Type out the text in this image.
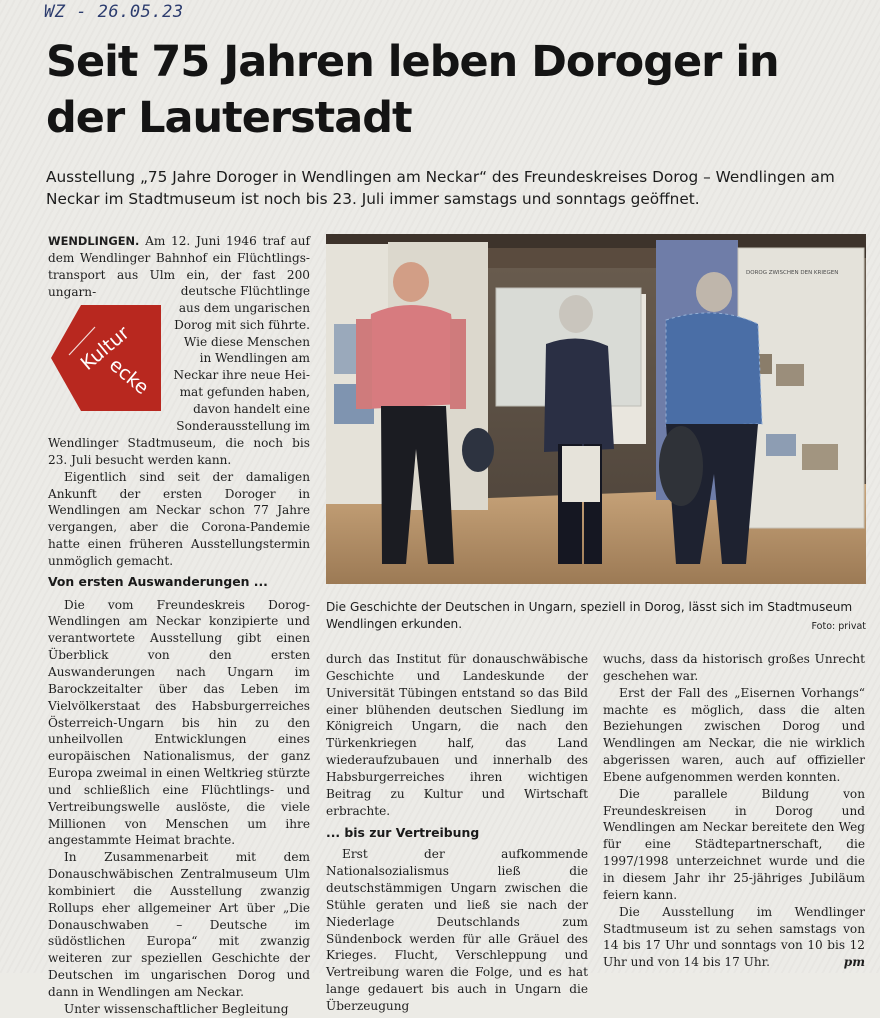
WZ - 26.05.23
Seit 75 Jahren leben Doroger in
der Lauterstadt
Ausstellung „75 Jahre Doroger in Wendlingen am Neckar“ des Freundeskreises Dorog – Wendlingen am Neckar im Stadtmuseum ist noch bis 23. Juli immer samstags und sonntags geöffnet.
Kultur
ecke

WENDLINGEN. Am 12. Juni 1946 traf auf dem Wendlinger Bahnhof ein Flüchtlings-transport aus Ulm ein, der fast 200 ungarn-	deutsche Flüchtlinge
aus dem ungarischen
Dorog mit sich führte.
Wie diese Menschen
in Wendlingen am
Neckar ihre neue Hei-
mat gefunden haben,
davon handelt eine
Sonderausstellung im

Wendlinger Stadtmuseum, die noch bis 23. Juli besucht werden kann.

Eigentlich sind seit der damaligen Ankunft der ersten Doroger in Wendlingen am Neckar schon 77 Jahre vergangen, aber die Corona-Pandemie hatte einen früheren Ausstellungstermin unmöglich gemacht.

Von ersten Auswanderungen ...

Die vom Freundeskreis Dorog-Wendlingen am Neckar konzipierte und verantwortete Ausstellung gibt einen Überblick von den ersten Auswanderungen nach Ungarn im Barockzeitalter über das Leben im Vielvölkerstaat des Habsburgerreiches Österreich-Ungarn bis hin zu den unheilvollen Entwicklungen eines europäischen Nationalismus, der ganz Europa zweimal in einen Weltkrieg stürzte und schließlich eine Flüchtlings- und Vertreibungswelle auslöste, die viele Millionen von Menschen um ihre angestammte Heimat brachte.

In Zusammenarbeit mit dem Donauschwäbischen Zentralmuseum Ulm kombiniert die Ausstellung zwanzig Rollups eher allgemeiner Art über „Die Donauschwaben – Deutsche im südöstlichen Europa“ mit zwanzig weiteren zur speziellen Geschichte der Deutschen im ungarischen Dorog und dann in Wendlingen am Neckar.

Unter wissenschaftlicher Begleitung

DOROG ZWISCHEN DEN KRIEGEN
Die Geschichte der Deutschen in Ungarn, speziell in Dorog, lässt sich im Stadtmuseum Wendlingen erkunden.	Foto: privat

durch das Institut für donauschwäbische Geschichte und Landeskunde der Universität Tübingen entstand so das Bild einer blühenden deutschen Siedlung im Königreich Ungarn, die nach den Türkenkriegen half, das Land wiederaufzubauen und innerhalb des Habsburgerreiches ihren wichtigen Beitrag zu Kultur und Wirtschaft erbrachte.

... bis zur Vertreibung

Erst der aufkommende Nationalsozialismus ließ die deutschstämmigen Ungarn zwischen die Stühle geraten und ließ sie nach der Niederlage Deutschlands zum Sündenbock werden für alle Gräuel des Krieges. Flucht, Verschleppung und Vertreibung waren die Folge, und es hat lange gedauert bis auch in Ungarn die Überzeugung

wuchs, dass da historisch großes Unrecht geschehen war.

Erst der Fall des „Eisernen Vorhangs“ machte es möglich, dass die alten Beziehungen zwischen Dorog und Wendlingen am Neckar, die nie wirklich abgerissen waren, auch auf offizieller Ebene aufgenommen werden konnten.

Die parallele Bildung von Freundeskreisen in Dorog und Wendlingen am Neckar bereitete den Weg für eine Städtepartnerschaft, die 1997/1998 unterzeichnet wurde und die in diesem Jahr ihr 25-jähriges Jubiläum feiern kann.

Die Ausstellung im Wendlinger Stadtmuseum ist zu sehen samstags von 14 bis 17 Uhr und sonntags von 10 bis 12 Uhr und von 14 bis 17 Uhr.	pm
